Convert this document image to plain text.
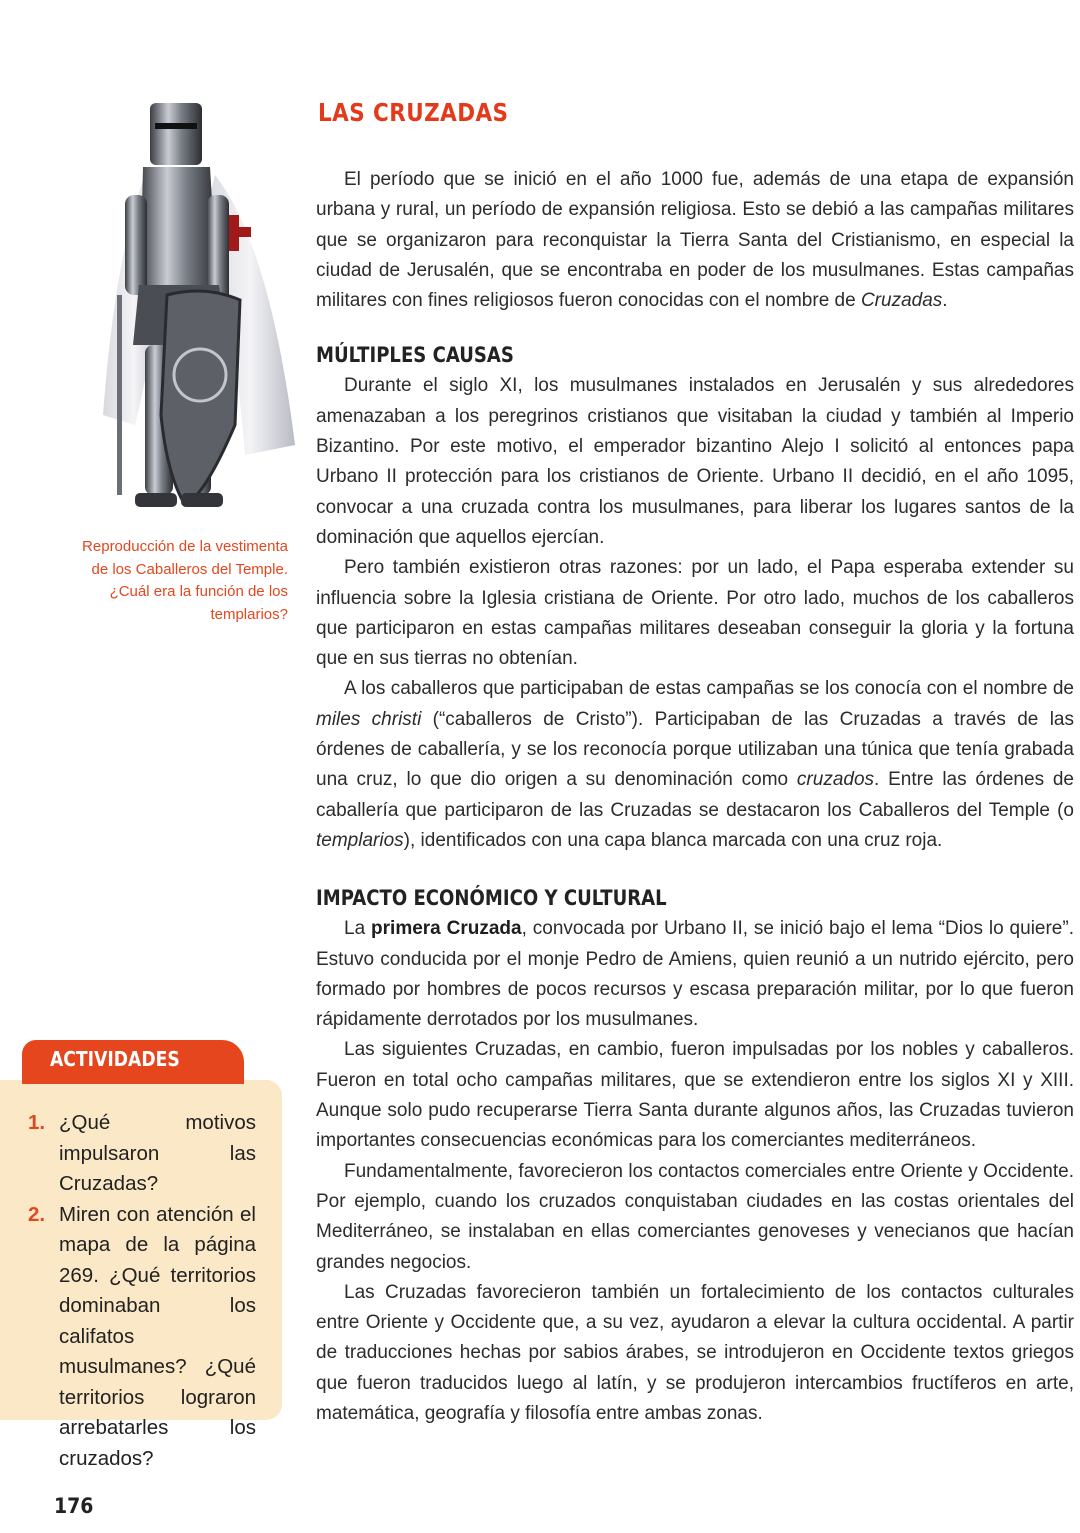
Reproducción de la vestimenta de los Caballeros del Temple. ¿Cuál era la función de los templarios?
LAS CRUZADAS

El período que se inició en el año 1000 fue, además de una etapa de expansión urbana y rural, un período de expansión religiosa. Esto se debió a las campañas militares que se organizaron para reconquistar la Tierra Santa del Cristianismo, en especial la ciudad de Jerusalén, que se encontraba en poder de los musulmanes. Estas campañas militares con fines religiosos fueron conocidas con el nombre de Cruzadas.

MÚLTIPLES CAUSAS

Durante el siglo XI, los musulmanes instalados en Jerusalén y sus alrededores amenazaban a los peregrinos cristianos que visitaban la ciudad y también al Imperio Bizantino. Por este motivo, el emperador bizantino Alejo I solicitó al entonces papa Urbano II protección para los cristianos de Oriente. Urbano II decidió, en el año 1095, convocar a una cruzada contra los musulmanes, para liberar los lugares santos de la dominación que aquellos ejercían.

Pero también existieron otras razones: por un lado, el Papa esperaba extender su influencia sobre la Iglesia cristiana de Oriente. Por otro lado, muchos de los caballeros que participaron en estas campañas militares deseaban conseguir la gloria y la fortuna que en sus tierras no obtenían.

A los caballeros que participaban de estas campañas se los conocía con el nombre de miles christi (“caballeros de Cristo”). Participaban de las Cruzadas a través de las órdenes de caballería, y se los reconocía porque utilizaban una túnica que tenía grabada una cruz, lo que dio origen a su denominación como cruzados. Entre las órdenes de caballería que participaron de las Cruzadas se destacaron los Caballeros del Temple (o templarios), identificados con una capa blanca marcada con una cruz roja.

IMPACTO ECONÓMICO Y CULTURAL

La primera Cruzada, convocada por Urbano II, se inició bajo el lema “Dios lo quiere”. Estuvo conducida por el monje Pedro de Amiens, quien reunió a un nutrido ejército, pero formado por hombres de pocos recursos y escasa preparación militar, por lo que fueron rápidamente derrotados por los musulmanes.

Las siguientes Cruzadas, en cambio, fueron impulsadas por los nobles y caballeros. Fueron en total ocho campañas militares, que se extendieron entre los siglos XI y XIII. Aunque solo pudo recuperarse Tierra Santa durante algunos años, las Cruzadas tuvieron importantes consecuencias económicas para los comerciantes mediterráneos.

Fundamentalmente, favorecieron los contactos comerciales entre Oriente y Occidente. Por ejemplo, cuando los cruzados conquistaban ciudades en las costas orientales del Mediterráneo, se instalaban en ellas comerciantes genoveses y venecianos que hacían grandes negocios.

Las Cruzadas favorecieron también un fortalecimiento de los contactos culturales entre Oriente y Occidente que, a su vez, ayudaron a elevar la cultura occidental. A partir de traducciones hechas por sabios árabes, se introdujeron en Occidente textos griegos que fueron traducidos luego al latín, y se produjeron intercambios fructíferos en arte, matemática, geografía y filosofía entre ambas zonas.

ACTIVIDADES
1. ¿Qué motivos impulsaron las Cruzadas?
2. Miren con atención el mapa de la página 269. ¿Qué territorios dominaban los califatos musulmanes? ¿Qué territorios lograron arrebatarles los cruzados?
176
